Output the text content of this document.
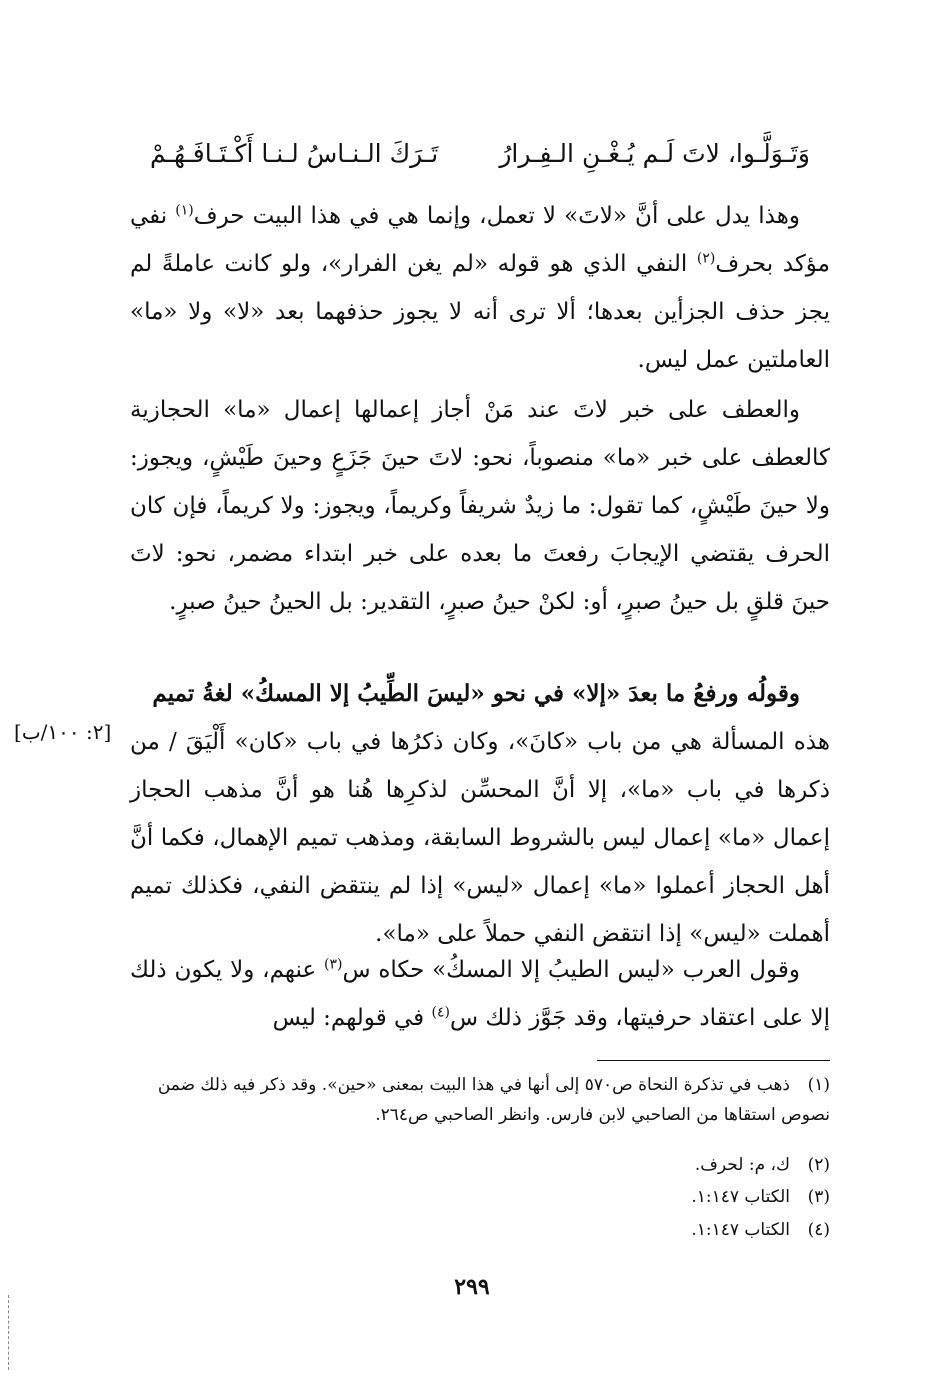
وَتَـوَلَّـوا، لاتَ لَـم يُـغْـنِ الـفِـرارُ
تَـرَكَ الـنـاسُ لـنـا أَكْـتَـافَـهُـمْ

وهذا يدل على أنَّ «لاتَ» لا تعمل، وإنما هي في هذا البيت حرف$^{(١)}$ نفي مؤكد بحرف$^{(٢)}$ النفي الذي هو قوله «لم يغن الفرار»، ولو كانت عاملةً لم يجز حذف الجزأين بعدها؛ ألا ترى أنه لا يجوز حذفهما بعد «لا» ولا «ما» العاملتين عمل ليس.

والعطف على خبر لاتَ عند مَنْ أجاز إعمالها إعمال «ما» الحجازية كالعطف على خبر «ما» منصوباً، نحو: لاتَ حينَ جَزَعٍ وحينَ طَيْشٍ، ويجوز: ولا حينَ طَيْشٍ، كما تقول: ما زيدٌ شريفاً وكريماً، ويجوز: ولا كريماً، فإن كان الحرف يقتضي الإيجابَ رفعتَ ما بعده على خبر ابتداء مضمر، نحو: لاتَ حينَ قلقٍ بل حينُ صبرٍ، أو: لكنْ حينُ صبرٍ، التقدير: بل الحينُ حينُ صبرٍ.

وقولُه ورفعُ ما بعدَ «إلا» في نحو «ليسَ الطِّيبُ إلا المسكُ» لغةُ تميم

هذه المسألة هي من باب «كانَ»، وكان ذكرُها في باب «كان» أَلْيَقَ / من ذكرها في باب «ما»، إلا أنَّ المحسِّن لذكرِها هُنا هو أنَّ مذهب الحجاز إعمال «ما» إعمال ليس بالشروط السابقة، ومذهب تميم الإهمال، فكما أنَّ أهل الحجاز أعملوا «ما» إعمال «ليس» إذا لم ينتقض النفي، فكذلك تميم أهملت «ليس» إذا انتقض النفي حملاً على «ما».

[٢: ١٠٠/ب]

وقول العرب «ليس الطيبُ إلا المسكُ» حكاه س$^{(٣)}$ عنهم، ولا يكون ذلك إلا على اعتقاد حرفيتها، وقد جَوَّز ذلك س$^{(٤)}$ في قولهم: ليس

(١)ذهب في تذكرة النحاة ص٥٧٠ إلى أنها في هذا البيت بمعنى «حين». وقد ذكر فيه ذلك ضمن نصوص استقاها من الصاحبي لابن فارس. وانظر الصاحبي ص٢٦٤.

(٢)ك، م: لحرف.

(٣)الكتاب ١:١٤٧.

(٤)الكتاب ١:١٤٧.

٢٩٩
